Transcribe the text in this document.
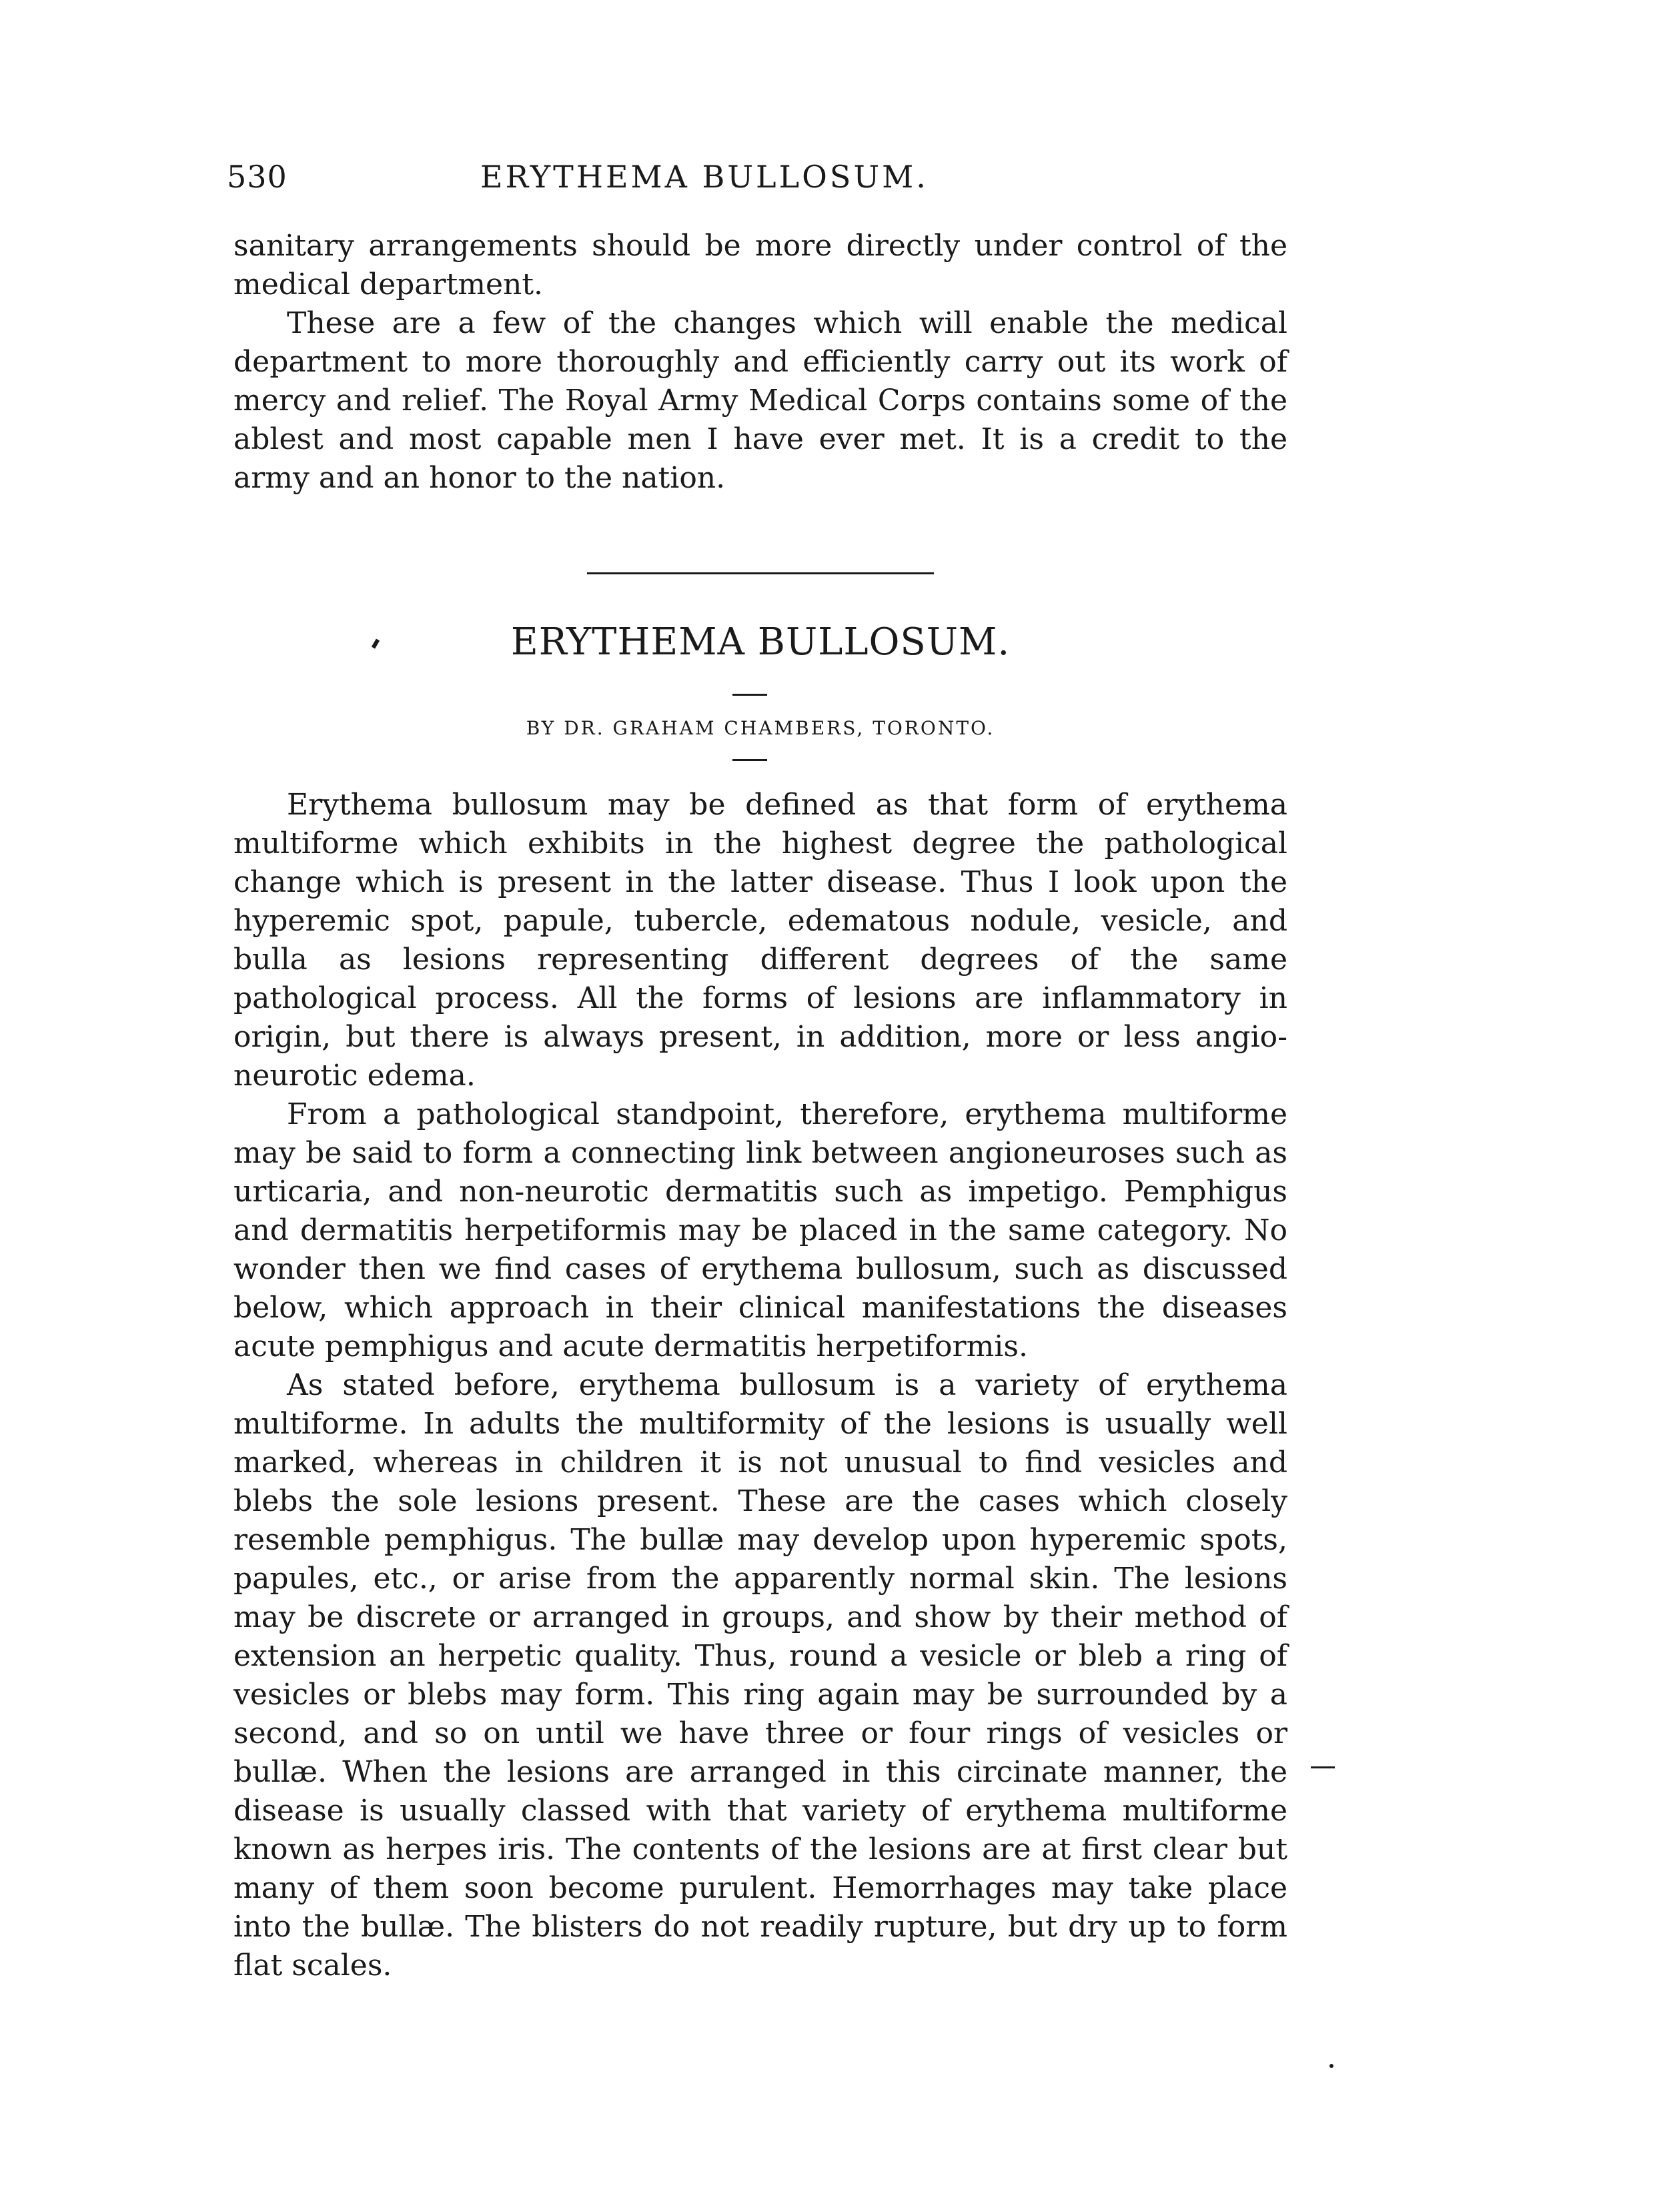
530	ERYTHEMA BULLOSUM.

sanitary arrangements should be more directly under control of the medical department.

These are a few of the changes which will enable the medical department to more thoroughly and efficiently carry out its work of mercy and relief. The Royal Army Medical Corps contains some of the ablest and most capable men I have ever met. It is a credit to the army and an honor to the nation.

ERYTHEMA BULLOSUM.
BY DR. GRAHAM CHAMBERS, TORONTO.

Erythema bullosum may be defined as that form of erythema multiforme which exhibits in the highest degree the pathological change which is present in the latter disease. Thus I look upon the hyperemic spot, papule, tubercle, edematous nodule, vesicle, and bulla as lesions representing different degrees of the same pathological process. All the forms of lesions are inflammatory in origin, but there is always present, in addition, more or less angio-neurotic edema.

From a pathological standpoint, therefore, erythema multiforme may be said to form a connecting link between angioneuroses such as urticaria, and non-neurotic dermatitis such as impetigo. Pemphigus and dermatitis herpetiformis may be placed in the same category. No wonder then we find cases of erythema bullosum, such as discussed below, which approach in their clinical manifestations the diseases acute pemphigus and acute dermatitis herpetiformis.

As stated before, erythema bullosum is a variety of erythema multiforme. In adults the multiformity of the lesions is usually well marked, whereas in children it is not unusual to find vesicles and blebs the sole lesions present. These are the cases which closely resemble pemphigus. The bullæ may develop upon hyperemic spots, papules, etc., or arise from the apparently normal skin. The lesions may be discrete or arranged in groups, and show by their method of extension an herpetic quality. Thus, round a vesicle or bleb a ring of vesicles or blebs may form. This ring again may be surrounded by a second, and so on until we have three or four rings of vesicles or bullæ. When the lesions are arranged in this circinate manner, the disease is usually classed with that variety of erythema multiforme known as herpes iris. The contents of the lesions are at first clear but many of them soon become purulent. Hemorrhages may take place into the bullæ. The blisters do not readily rupture, but dry up to form flat scales.
